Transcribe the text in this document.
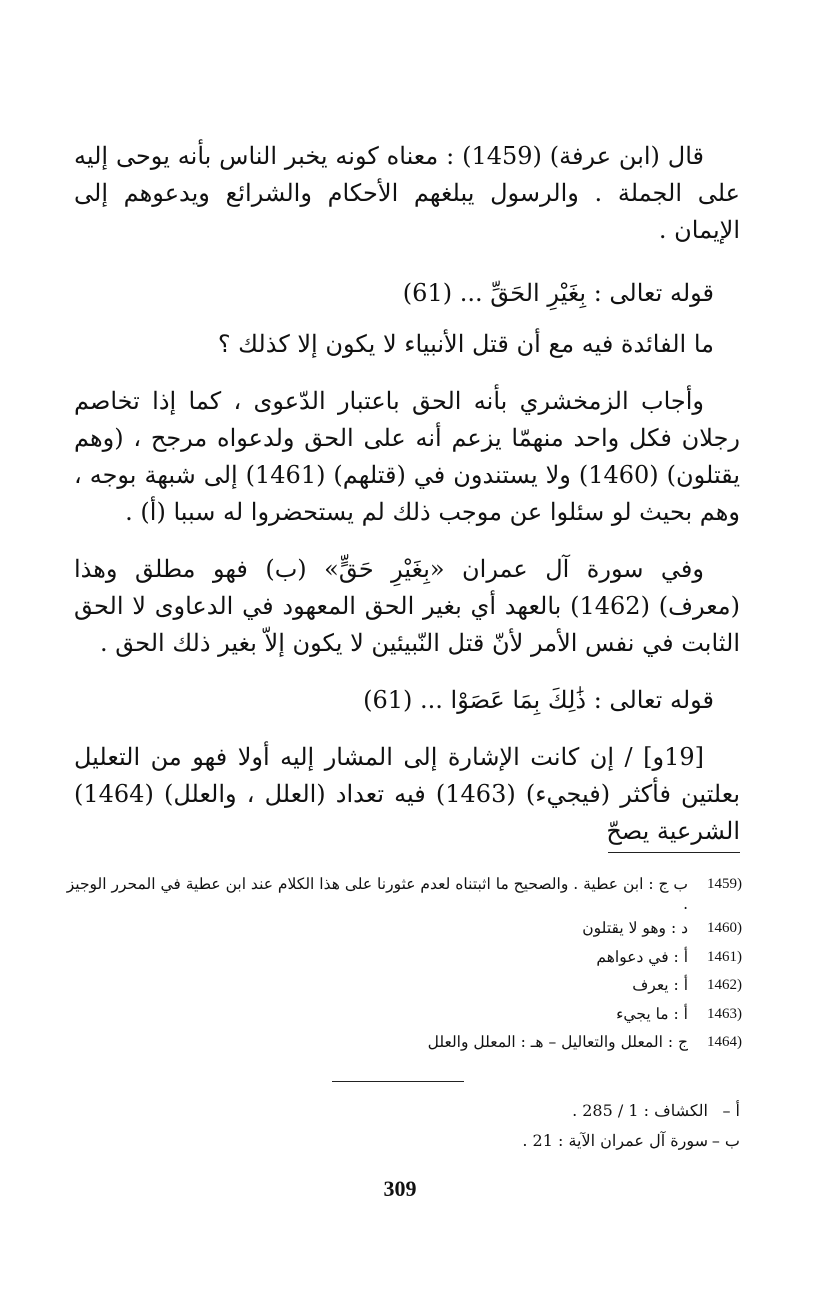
قال (ابن عرفة) (1459) : معناه كونه يخبر الناس بأنه يوحى إليه على الجملة . والرسول يبلغهم الأحكام والشرائع ويدعوهم إلى الإيمان .

قوله تعالى : بِغَيْرِ الحَقِّ ... (61)

ما الفائدة فيه مع أن قتل الأنبياء لا يكون إلا كذلك ؟

وأجاب الزمخشري بأنه الحق باعتبار الدّعوى ، كما إذا تخاصم رجلان فكل واحد منهمّا يزعم أنه على الحق ولدعواه مرجح ، (وهم يقتلون) (1460) ولا يستندون في (قتلهم) (1461) إلى شبهة بوجه ، وهم بحيث لو سئلوا عن موجب ذلك لم يستحضروا له سببا (أ) .

وفي سورة آل عمران «بِغَيْرِ حَقٍّ» (ب) فهو مطلق وهذا (معرف) (1462) بالعهد أي بغير الحق المعهود في الدعاوى لا الحق الثابت في نفس الأمر لأنّ قتل النّبيئين لا يكون إلاّ بغير ذلك الحق .

قوله تعالى : ذَٰلِكَ بِمَا عَصَوْا ... (61)

[19و] / إن كانت الإشارة إلى المشار إليه أولا فهو من التعليل بعلتين فأكثر (فيجيء) (1463) فيه تعداد (العلل ، والعلل) (1464) الشرعية يصحّ

1459)
ب ج : ابن عطية . والصحيح ما اثبتناه لعدم عثورنا على هذا الكلام عند ابن عطية في المحرر الوجيز .
1460)
د : وهو لا يقتلون
1461)
أ : في دعواهم
1462)
أ : يعرف
1463)
أ : ما يجيء
1464)
ج : المعلل والتعاليل – هـ : المعلل والعلل
أ –
الكشاف : 1 / 285 .
ب –
سورة آل عمران الآية : 21 .
309
